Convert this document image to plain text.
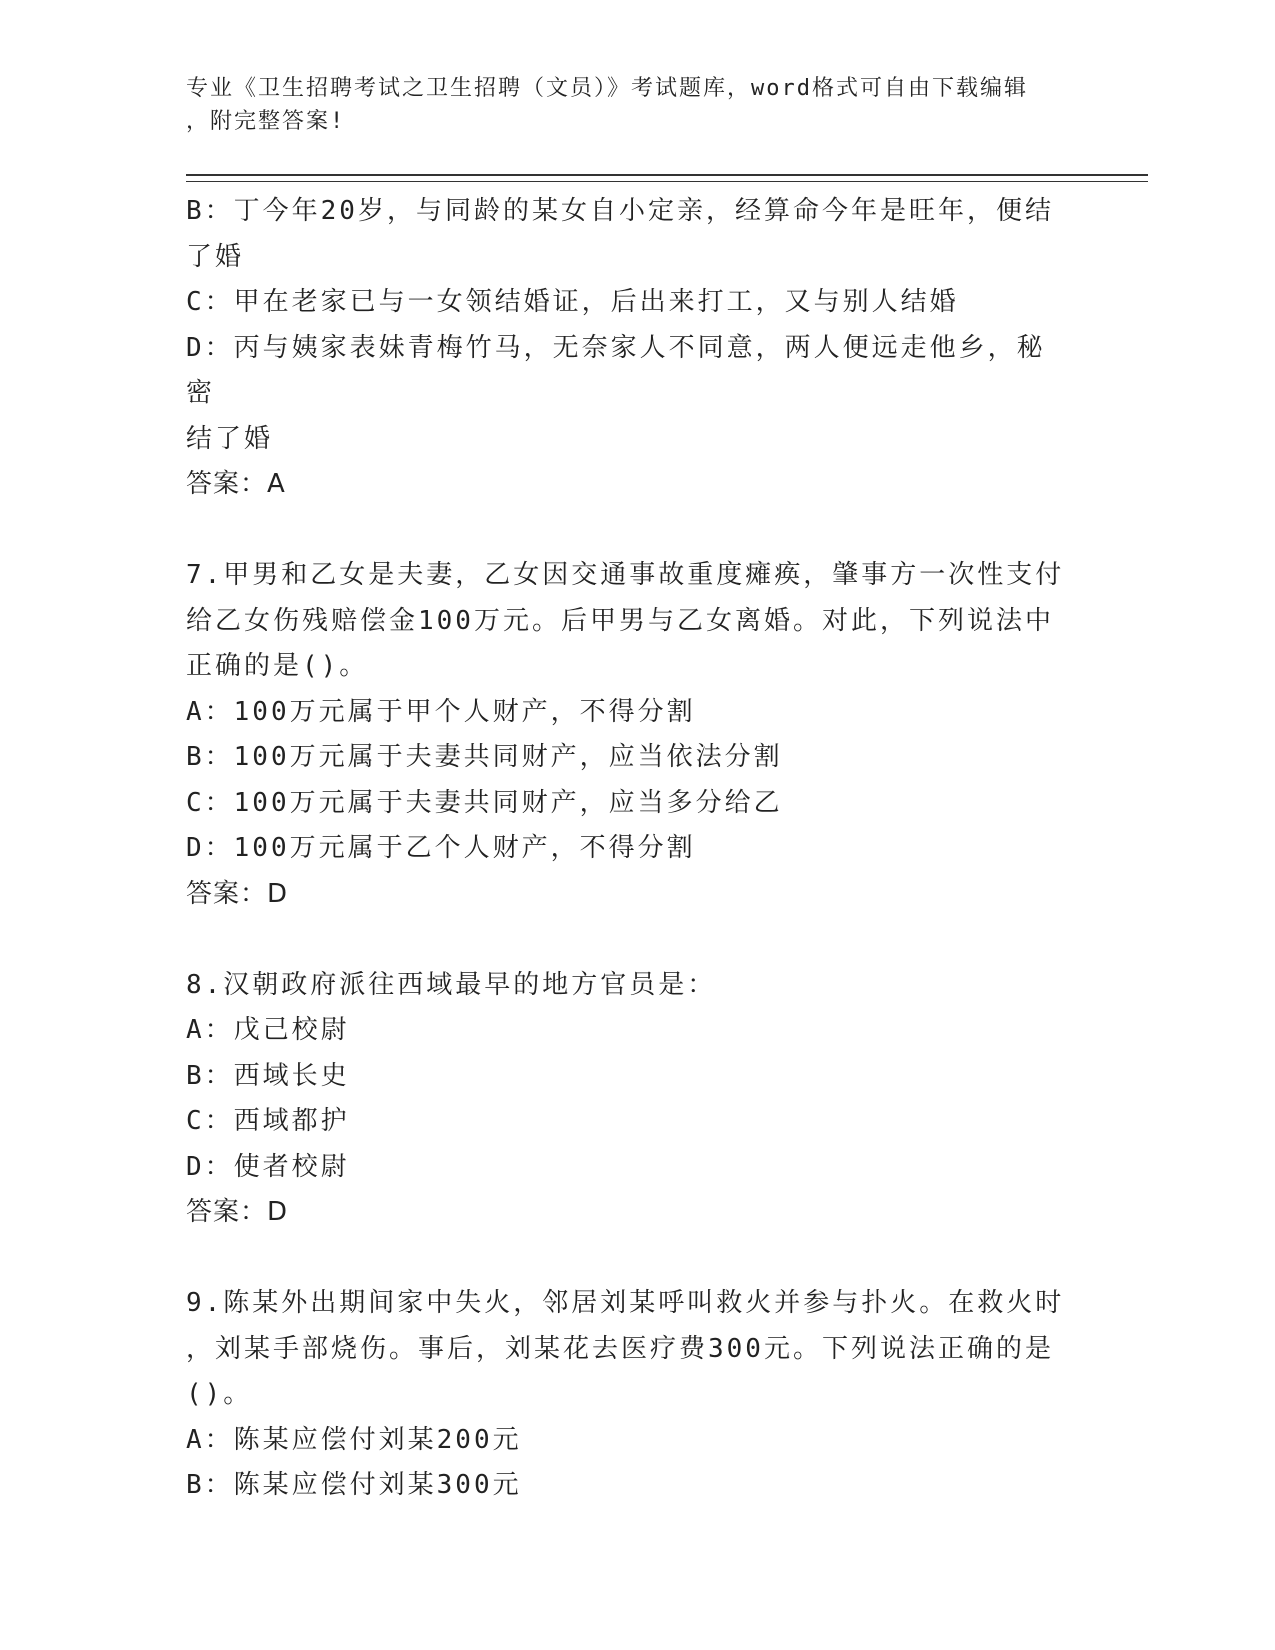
专业《卫生招聘考试之卫生招聘（文员）》考试题库，word格式可自由下载编辑

，附完整答案!

B：丁今年20岁，与同龄的某女自小定亲，经算命今年是旺年，便结

了婚

C：甲在老家已与一女领结婚证，后出来打工，又与别人结婚

D：丙与姨家表妹青梅竹马，无奈家人不同意，两人便远走他乡，秘密

结了婚

答案：A

7.甲男和乙女是夫妻，乙女因交通事故重度瘫痪，肇事方一次性支付

给乙女伤残赔偿金100万元。后甲男与乙女离婚。对此，下列说法中

正确的是()。

A：100万元属于甲个人财产，不得分割

B：100万元属于夫妻共同财产，应当依法分割

C：100万元属于夫妻共同财产，应当多分给乙

D：100万元属于乙个人财产，不得分割

答案：D

8.汉朝政府派往西域最早的地方官员是：

A：戊己校尉

B：西域长史

C：西域都护

D：使者校尉

答案：D

9.陈某外出期间家中失火，邻居刘某呼叫救火并参与扑火。在救火时

，刘某手部烧伤。事后，刘某花去医疗费300元。下列说法正确的是

()。

A：陈某应偿付刘某200元

B：陈某应偿付刘某300元
